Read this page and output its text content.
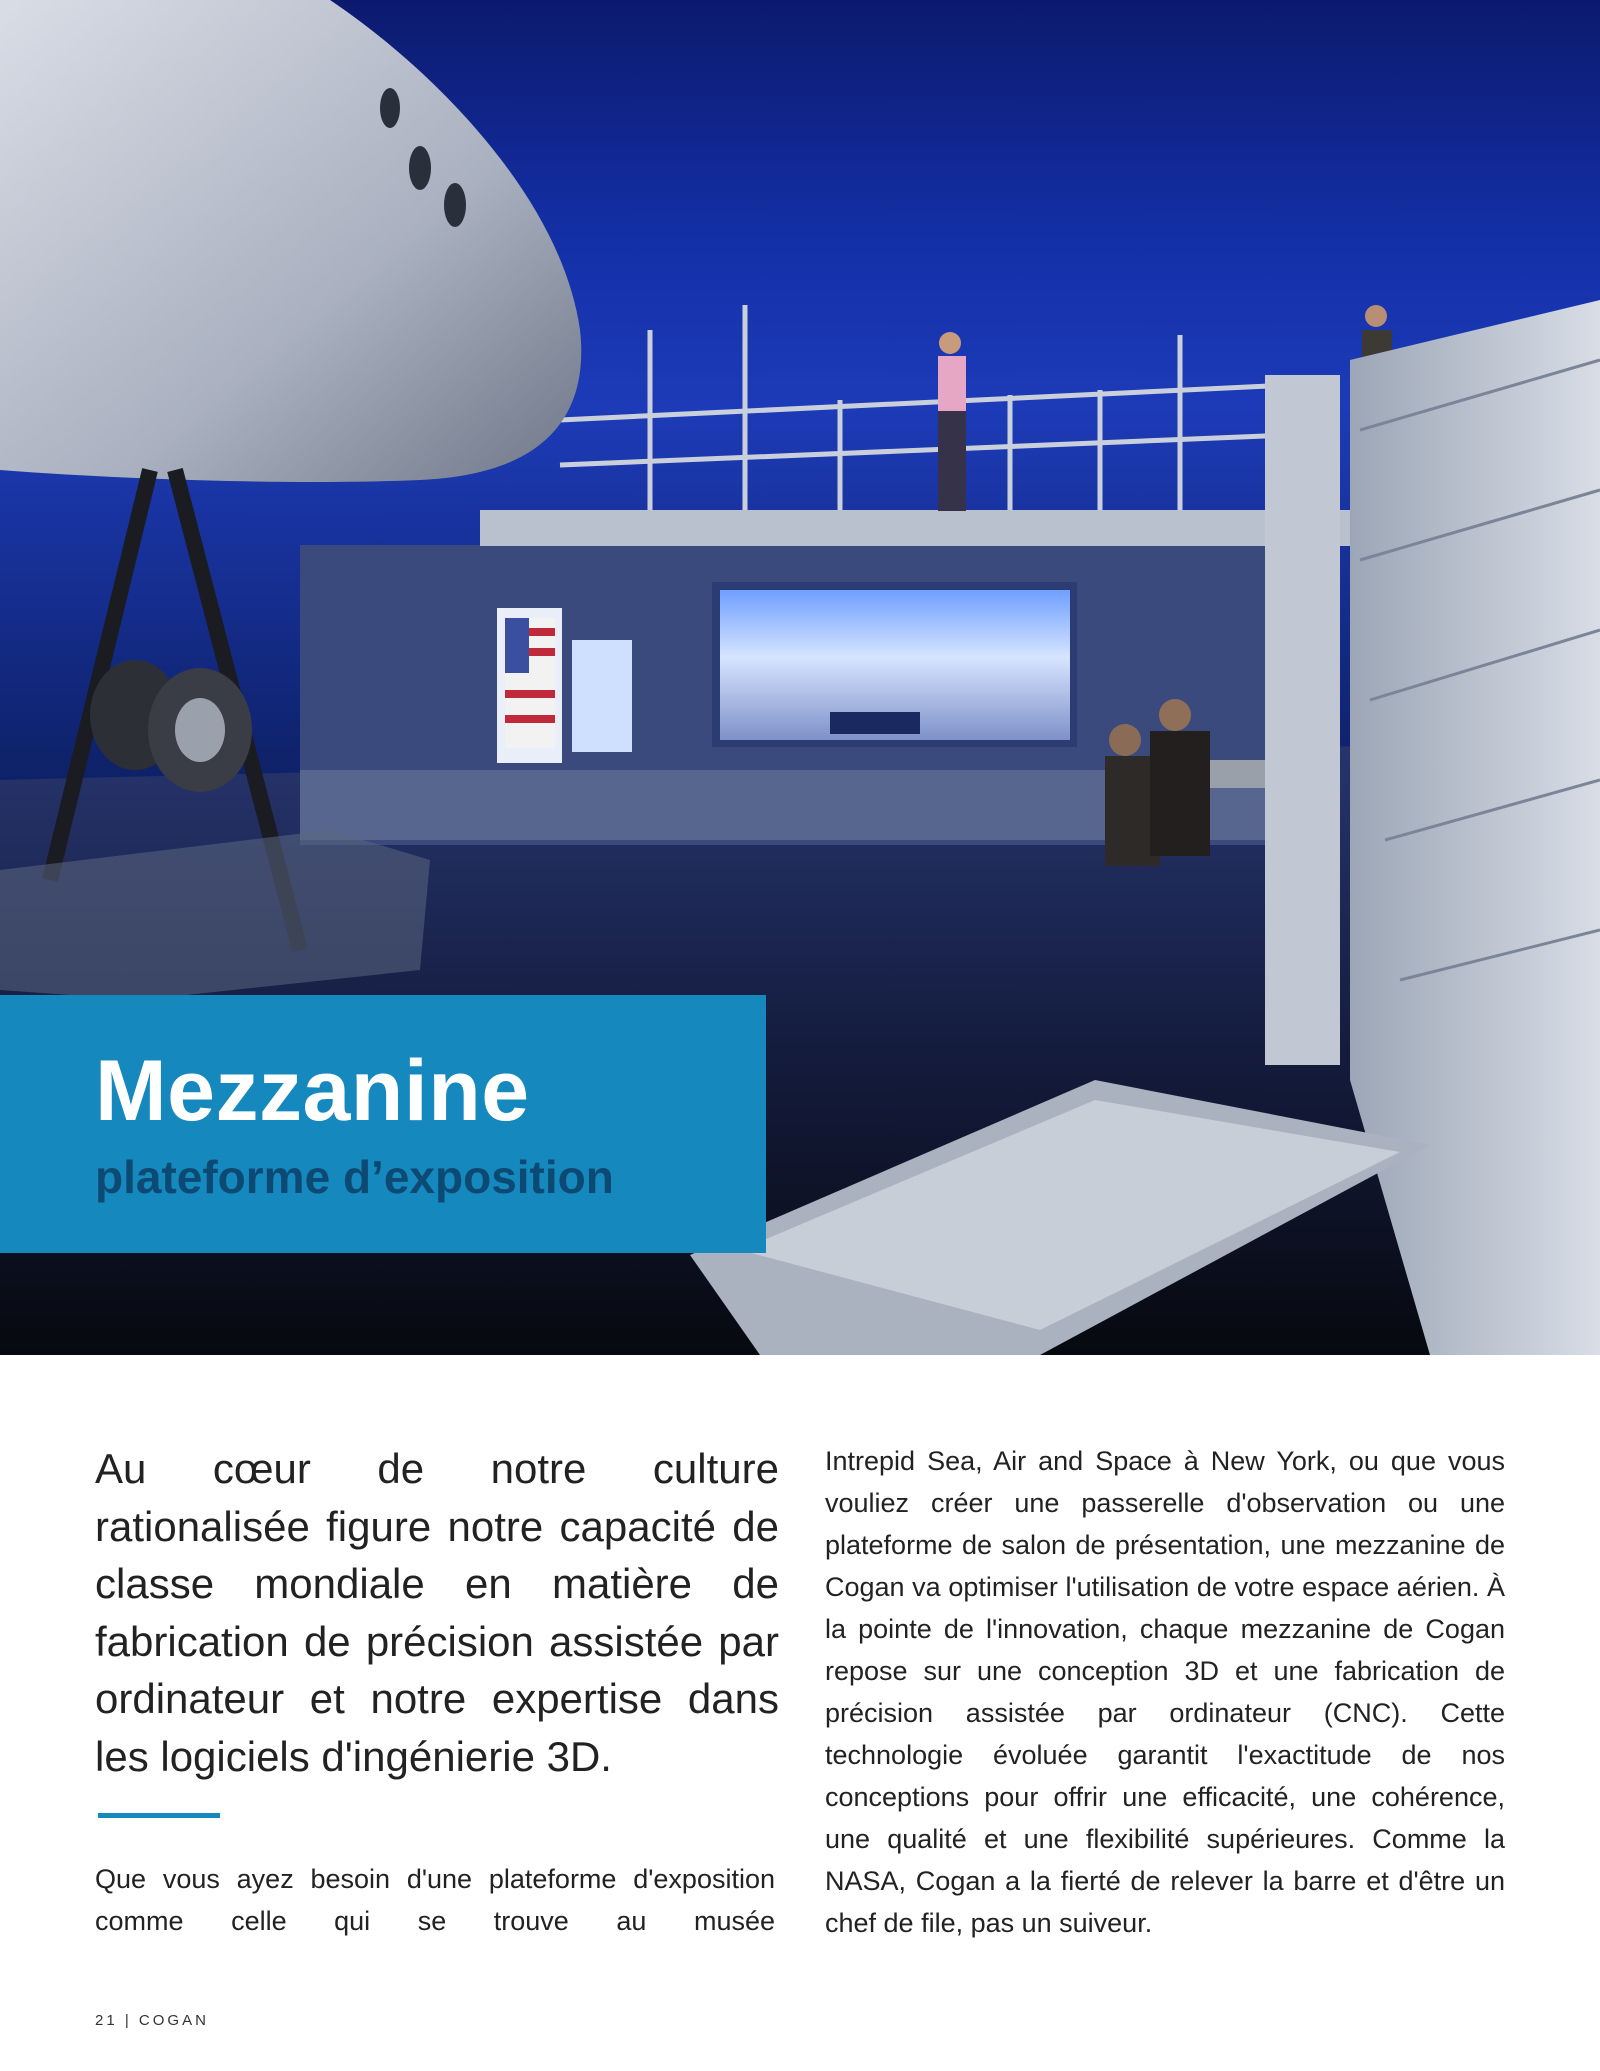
Mezzanine
plateforme d’exposition
Au cœur de notre culture rationalisée figure notre capacité de classe mondiale en matière de fabrication de précision assistée par ordinateur et notre expertise dans les logiciels d'ingénierie 3D.
Que vous ayez besoin d'une plateforme d'exposition comme celle qui se trouve au musée
Intrepid Sea, Air and Space à New York, ou que vous vouliez créer une passerelle d'observation ou une plateforme de salon de présentation, une mezzanine de Cogan va optimiser l'utilisation de votre espace aérien. À la pointe de l'innovation, chaque mezzanine de Cogan repose sur une conception 3D et une fabrication de précision assistée par ordinateur (CNC). Cette technologie évoluée garantit l'exactitude de nos conceptions pour offrir une efficacité, une cohérence, une qualité et une flexibilité supérieures. Comme la NASA, Cogan a la fierté de relever la barre et d'être un chef de file, pas un suiveur.
21 | COGAN
